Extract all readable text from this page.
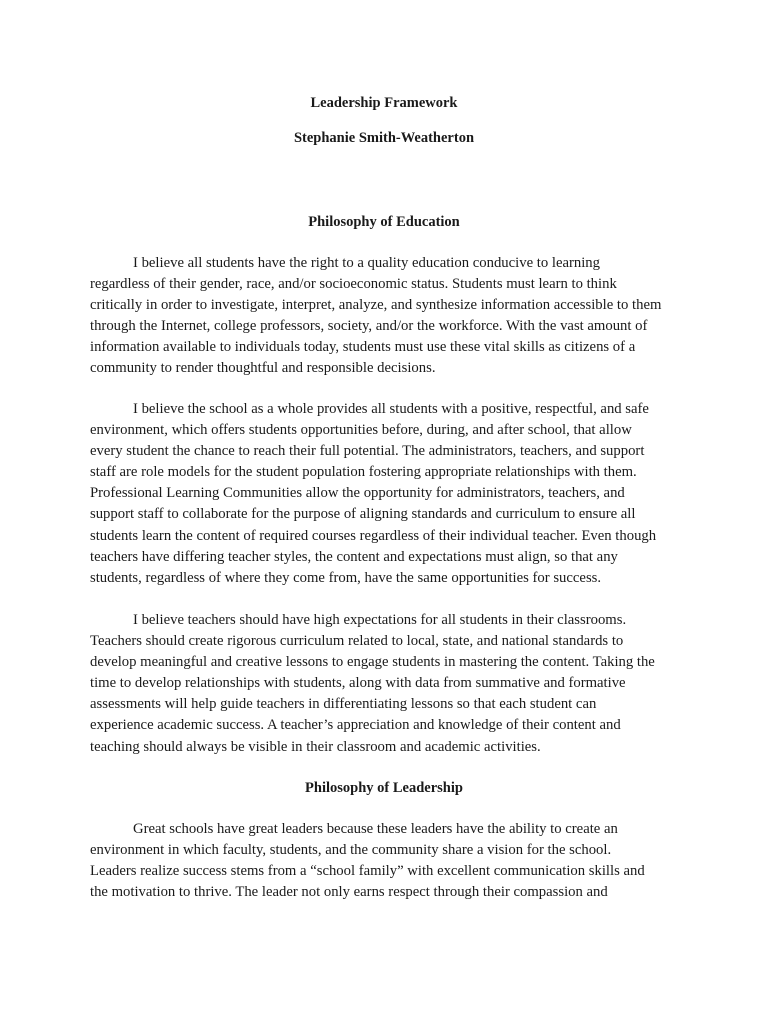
Leadership Framework
Stephanie Smith-Weatherton
Philosophy of Education

I believe all students have the right to a quality education conducive to learning
regardless of their gender, race, and/or socioeconomic status. Students must learn to think
critically in order to investigate, interpret, analyze, and synthesize information accessible to them
through the Internet, college professors, society, and/or the workforce. With the vast amount of
information available to individuals today, students must use these vital skills as citizens of a
community to render thoughtful and responsible decisions.

I believe the school as a whole provides all students with a positive, respectful, and safe
environment, which offers students opportunities before, during, and after school, that allow
every student the chance to reach their full potential. The administrators, teachers, and support
staff are role models for the student population fostering appropriate relationships with them.
Professional Learning Communities allow the opportunity for administrators, teachers, and
support staff to collaborate for the purpose of aligning standards and curriculum to ensure all
students learn the content of required courses regardless of their individual teacher. Even though
teachers have differing teacher styles, the content and expectations must align, so that any
students, regardless of where they come from, have the same opportunities for success.

I believe teachers should have high expectations for all students in their classrooms.
Teachers should create rigorous curriculum related to local, state, and national standards to
develop meaningful and creative lessons to engage students in mastering the content. Taking the
time to develop relationships with students, along with data from summative and formative
assessments will help guide teachers in differentiating lessons so that each student can
experience academic success. A teacher’s appreciation and knowledge of their content and
teaching should always be visible in their classroom and academic activities.

Philosophy of Leadership

Great schools have great leaders because these leaders have the ability to create an
environment in which faculty, students, and the community share a vision for the school.
Leaders realize success stems from a “school family” with excellent communication skills and
the motivation to thrive. The leader not only earns respect through their compassion and
